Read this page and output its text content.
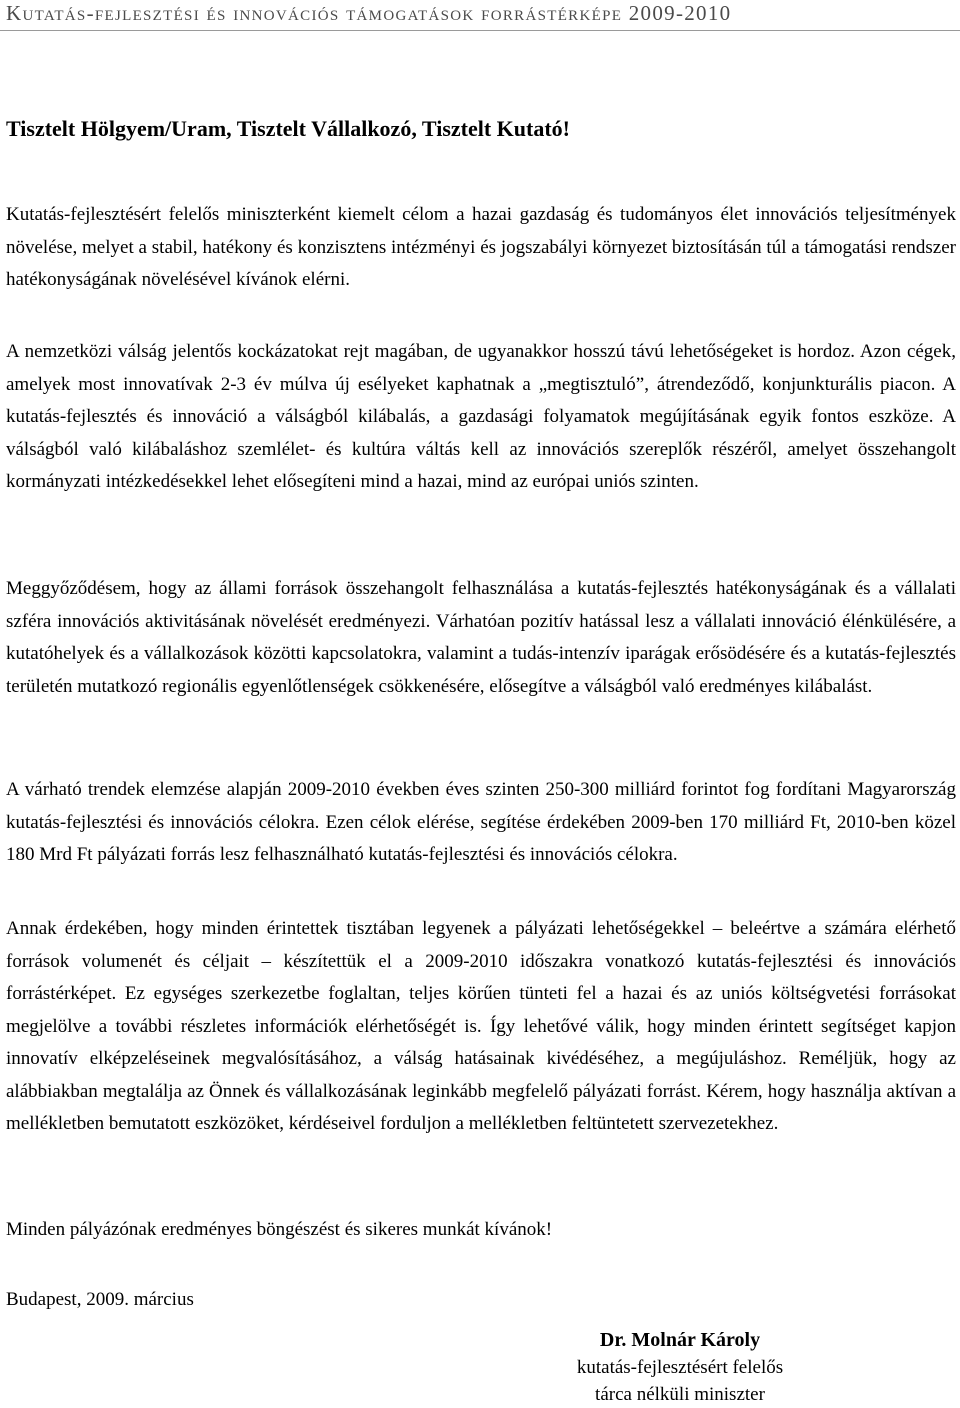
Kutatás-fejlesztési és innovációs támogatások forrástérképe 2009-2010

Tisztelt Hölgyem/Uram, Tisztelt Vállalkozó, Tisztelt Kutató!

Kutatás-fejlesztésért felelős miniszterként kiemelt célom a hazai gazdaság és tudományos élet innovációs teljesítmények növelése, melyet a stabil, hatékony és konzisztens intézményi és jogszabályi környezet biztosításán túl a támogatási rendszer hatékonyságának növelésével kívánok elérni.

A nemzetközi válság jelentős kockázatokat rejt magában, de ugyanakkor hosszú távú lehetőségeket is hordoz. Azon cégek, amelyek most innovatívak 2-3 év múlva új esélyeket kaphatnak a „megtisztuló”, átrendeződő, konjunkturális piacon. A kutatás-fejlesztés és innováció a válságból kilábalás, a gazdasági folyamatok megújításának egyik fontos eszköze. A válságból való kilábaláshoz szemlélet- és kultúra váltás kell az innovációs szereplők részéről, amelyet összehangolt kormányzati intézkedésekkel lehet elősegíteni mind a hazai, mind az európai uniós szinten.

Meggyőződésem, hogy az állami források összehangolt felhasználása a kutatás-fejlesztés hatékonyságának és a vállalati szféra innovációs aktivitásának növelését eredményezi. Várhatóan pozitív hatással lesz a vállalati innováció élénkülésére, a kutatóhelyek és a vállalkozások közötti kapcsolatokra, valamint a tudás-intenzív iparágak erősödésére és a kutatás-fejlesztés területén mutatkozó regionális egyenlőtlenségek csökkenésére, elősegítve a válságból való eredményes kilábalást.

A várható trendek elemzése alapján 2009-2010 években éves szinten 250-300 milliárd forintot fog fordítani Magyarország kutatás-fejlesztési és innovációs célokra. Ezen célok elérése, segítése érdekében 2009-ben 170 milliárd Ft, 2010-ben közel 180 Mrd Ft pályázati forrás lesz felhasználható kutatás-fejlesztési és innovációs célokra.

Annak érdekében, hogy minden érintettek tisztában legyenek a pályázati lehetőségekkel – beleértve a számára elérhető források volumenét és céljait – készítettük el a 2009-2010 időszakra vonatkozó kutatás-fejlesztési és innovációs forrástérképet. Ez egységes szerkezetbe foglaltan, teljes körűen tünteti fel a hazai és az uniós költségvetési forrásokat megjelölve a további részletes információk elérhetőségét is. Így lehetővé válik, hogy minden érintett segítséget kapjon innovatív elképzeléseinek megvalósításához, a válság hatásainak kivédéséhez, a megújuláshoz. Reméljük, hogy az alábbiakban megtalálja az Önnek és vállalkozásának leginkább megfelelő pályázati forrást. Kérem, hogy használja aktívan a mellékletben bemutatott eszközöket, kérdéseivel forduljon a mellékletben feltüntetett szervezetekhez.

Minden pályázónak eredményes böngészést és sikeres munkát kívánok!

Budapest, 2009. március

Dr. Molnár Károly
kutatás-fejlesztésért felelős
tárca nélküli miniszter
